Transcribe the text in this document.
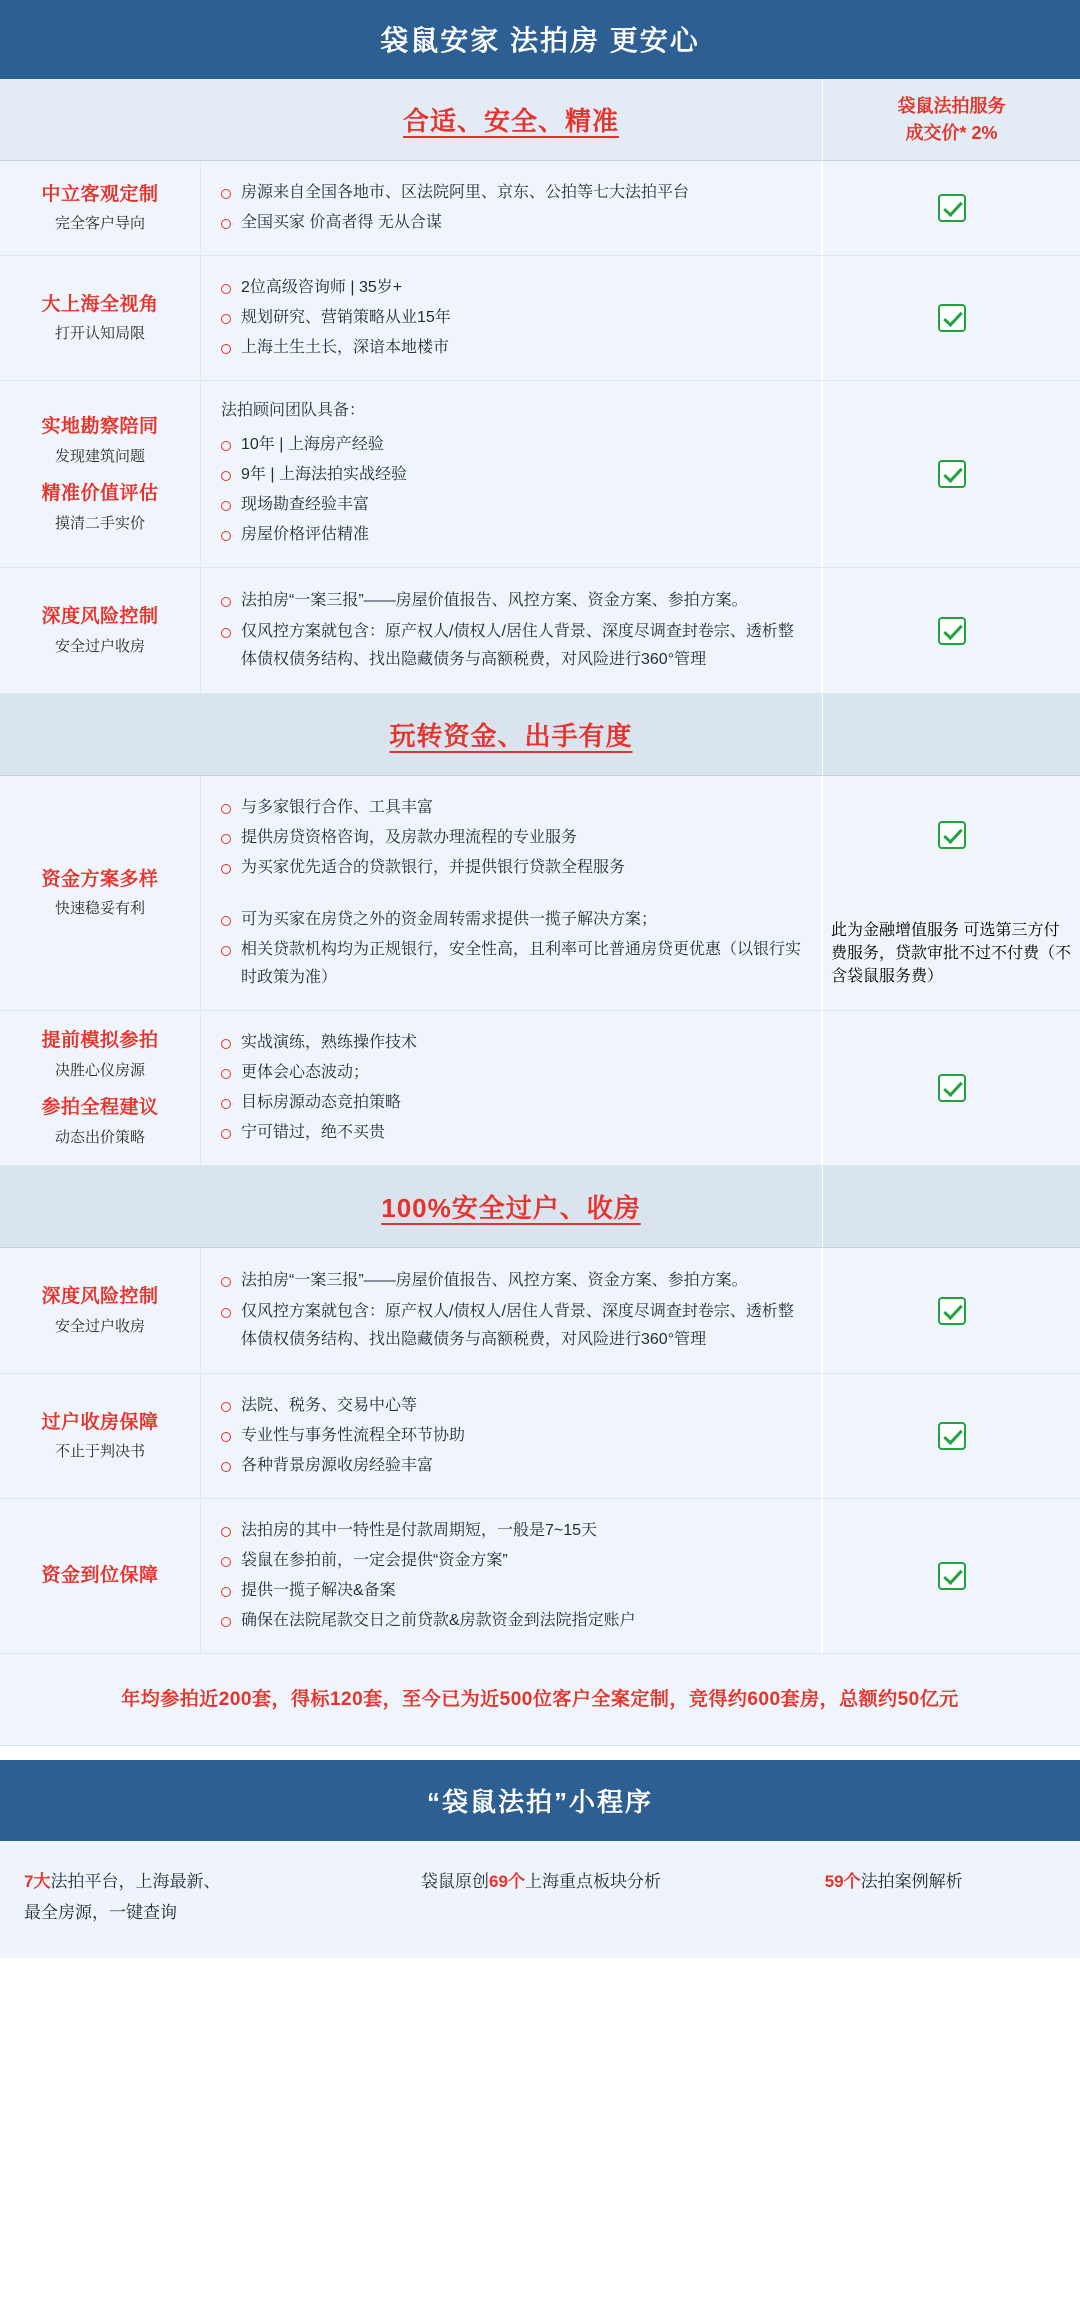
袋鼠安家 法拍房 更安心
合适、安全、精准
袋鼠法拍服务
成交价* 2%
中立客观定制
完全客户导向
房源来自全国各地市、区法院阿里、京东、公拍等七大法拍平台
全国买家 价高者得 无从合谋
大上海全视角
打开认知局限
2位高级咨询师 | 35岁+
规划研究、营销策略从业15年
上海土生土长，深谙本地楼市
实地勘察陪同
发现建筑问题
精准价值评估
摸清二手实价

法拍顾问团队具备：

10年 | 上海房产经验
9年 | 上海法拍实战经验
现场勘查经验丰富
房屋价格评估精准
深度风险控制
安全过户收房
法拍房“一案三报”——房屋价值报告、风控方案、资金方案、参拍方案。
仅风控方案就包含：原产权人/债权人/居住人背景、深度尽调查封卷宗、透析整体债权债务结构、找出隐藏债务与高额税费，对风险进行360°管理
玩转资金、出手有度
资金方案多样
快速稳妥有利
与多家银行合作、工具丰富
提供房贷资格咨询，及房款办理流程的专业服务
为买家优先适合的贷款银行，并提供银行贷款全程服务
可为买家在房贷之外的资金周转需求提供一揽子解决方案；
相关贷款机构均为正规银行，安全性高，且利率可比普通房贷更优惠（以银行实时政策为准）
此为金融增值服务 可选第三方付费服务，贷款审批不过不付费（不含袋鼠服务费）
提前模拟参拍
决胜心仪房源
参拍全程建议
动态出价策略
实战演练，熟练操作技术
更体会心态波动；
目标房源动态竞拍策略
宁可错过，绝不买贵
100%安全过户、收房
深度风险控制
安全过户收房
法拍房“一案三报”——房屋价值报告、风控方案、资金方案、参拍方案。
仅风控方案就包含：原产权人/债权人/居住人背景、深度尽调查封卷宗、透析整体债权债务结构、找出隐藏债务与高额税费，对风险进行360°管理
过户收房保障
不止于判决书
法院、税务、交易中心等
专业性与事务性流程全环节协助
各种背景房源收房经验丰富
资金到位保障
法拍房的其中一特性是付款周期短，一般是7~15天
袋鼠在参拍前，一定会提供“资金方案”
提供一揽子解决&备案
确保在法院尾款交日之前贷款&房款资金到法院指定账户
年均参拍近200套，得标120套，至今已为近500位客户全案定制，竞得约600套房，总额约50亿元
“袋鼠法拍”小程序
7大法拍平台，上海最新、
最全房源，一键查询
袋鼠原创69个上海重点板块分析	59个法拍案例解析
